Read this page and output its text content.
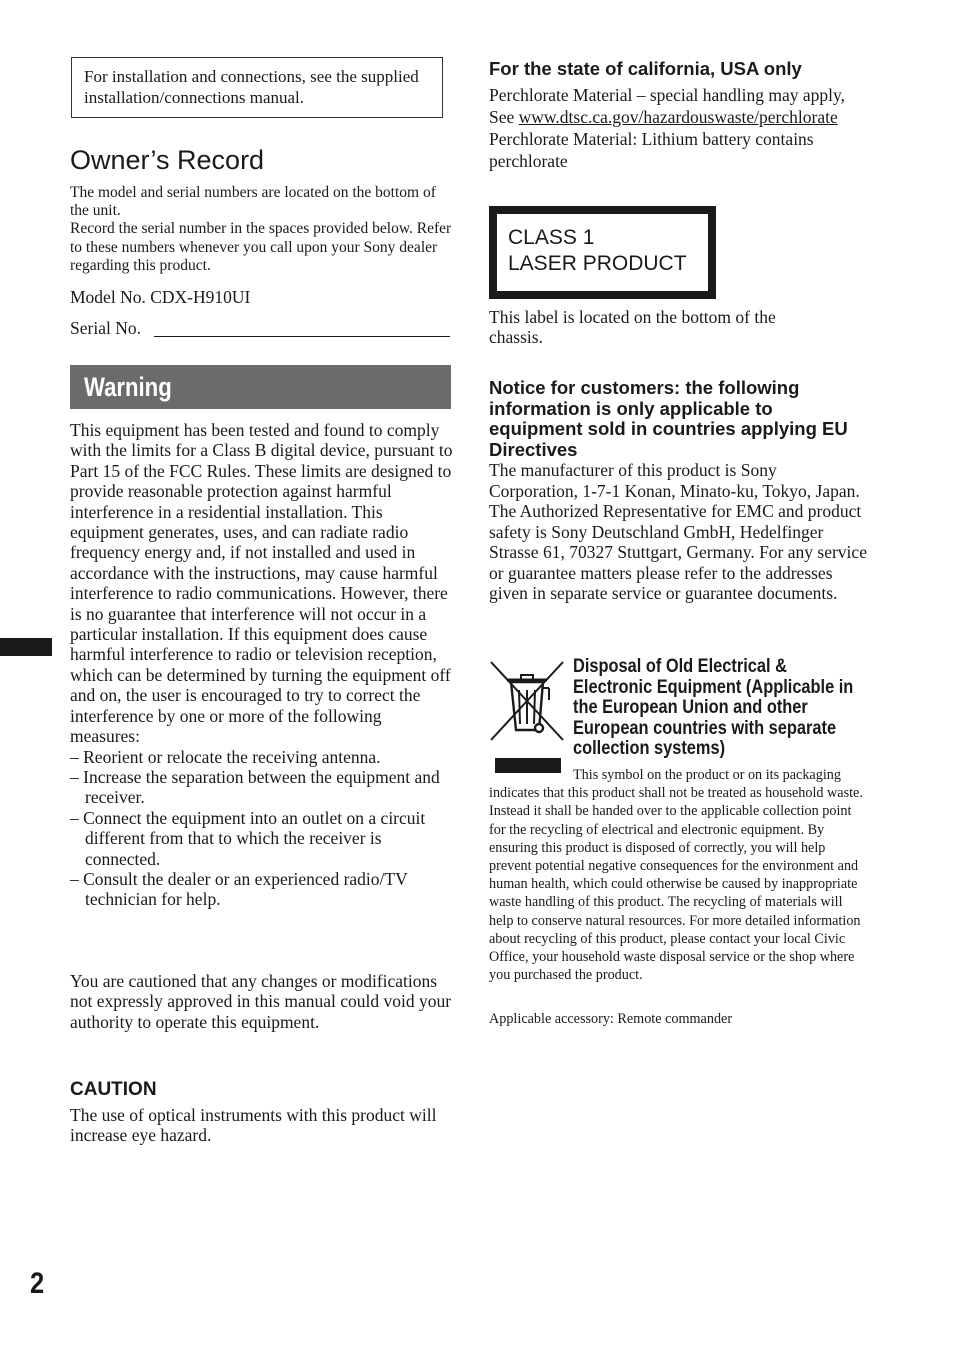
For installation and connections, see the supplied installation/connections manual.
Owner’s Record
The model and serial numbers are located on the bottom of the unit.
Record the serial number in the spaces provided below. Refer to these numbers whenever you call upon your Sony dealer regarding this product.
Model No. CDX-H910UI
Serial No.
Warning

This equipment has been tested and found to comply with the limits for a Class B digital device, pursuant to Part 15 of the FCC Rules. These limits are designed to provide reasonable protection against harmful interference in a residential installation. This equipment generates, uses, and can radiate radio frequency energy and, if not installed and used in accordance with the instructions, may cause harmful interference to radio communications. However, there is no guarantee that interference will not occur in a particular installation. If this equipment does cause harmful interference to radio or television reception, which can be determined by turning the equipment off and on, the user is encouraged to try to correct the interference by one or more of the following measures:

– Reorient or relocate the receiving antenna.
– Increase the separation between the equipment and receiver.
– Connect the equipment into an outlet on a circuit different from that to which the receiver is connected.
– Consult the dealer or an experienced radio/TV technician for help.
You are cautioned that any changes or modifications not expressly approved in this manual could void your authority to operate this equipment.
CAUTION
The use of optical instruments with this product will increase eye hazard.
2
For the state of california, USA only
Perchlorate Material – special handling may apply,
See www.dtsc.ca.gov/hazardouswaste/perchlorate
Perchlorate Material: Lithium battery contains perchlorate
CLASS 1
LASER PRODUCT
This label is located on the bottom of the chassis.
Notice for customers: the following information is only applicable to equipment sold in countries applying EU Directives
The manufacturer of this product is Sony Corporation, 1-7-1 Konan, Minato-ku, Tokyo, Japan. The Authorized Representative for EMC and product safety is Sony Deutschland GmbH, Hedelfinger Strasse 61, 70327 Stuttgart, Germany. For any service or guarantee matters please refer to the addresses given in separate service or guarantee documents.
Disposal of Old Electrical & Electronic Equipment (Applicable in the European Union and other European countries with separate collection systems)
This symbol on the product or on its packaging indicates that this product shall not be treated as household waste. Instead it shall be handed over to the applicable collection point for the recycling of electrical and electronic equipment. By ensuring this product is disposed of correctly, you will help prevent potential negative consequences for the environment and human health, which could otherwise be caused by inappropriate waste handling of this product. The recycling of materials will help to conserve natural resources. For more detailed information about recycling of this product, please contact your local Civic Office, your household waste disposal service or the shop where you purchased the product.
Applicable accessory: Remote commander
